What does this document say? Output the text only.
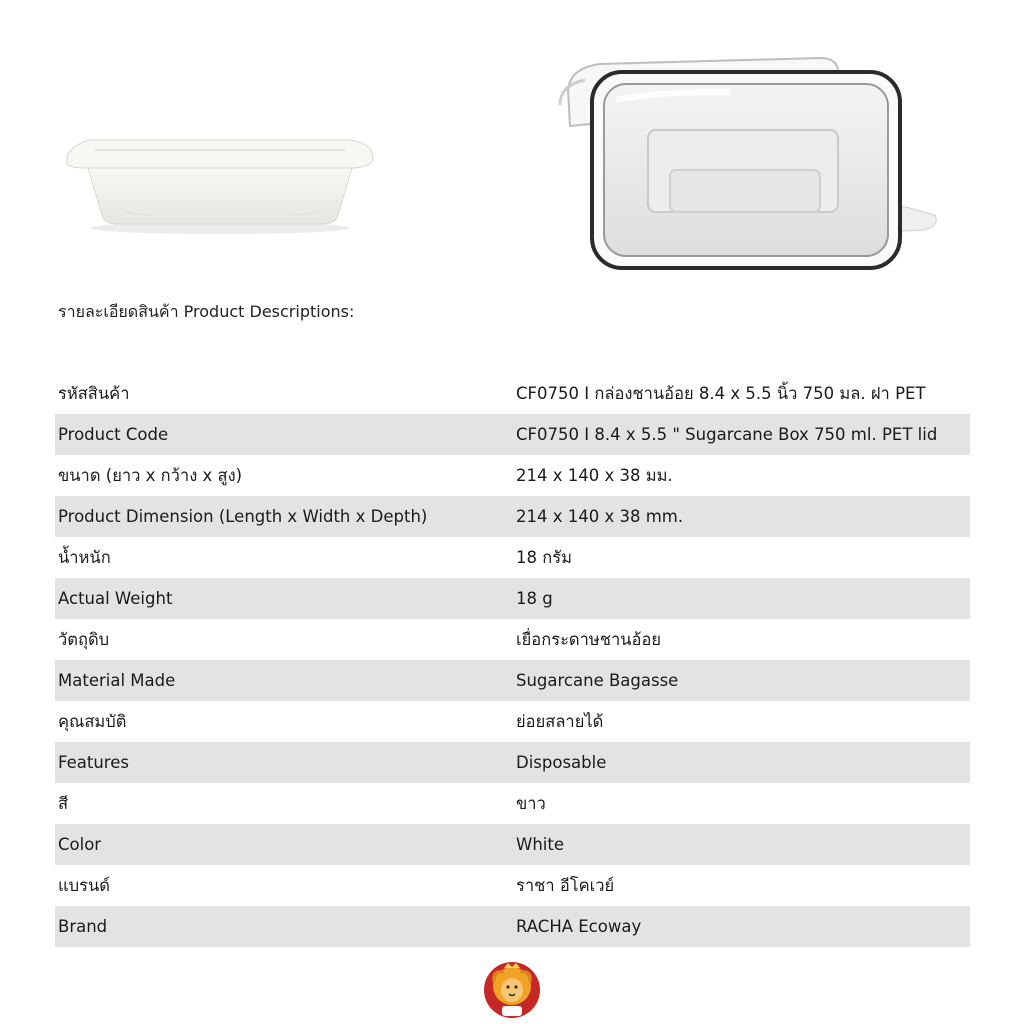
รายละเอียดสินค้า Product Descriptions:
รหัสสินค้า	CF0750 I กล่องชานอ้อย 8.4 x 5.5 นิ้ว 750 มล. ฝา PET
Product Code	CF0750 I 8.4 x 5.5 " Sugarcane Box 750 ml. PET lid
ขนาด (ยาว x กว้าง x สูง)	214 x 140 x 38 มม.
Product Dimension (Length x Width x Depth)	214 x 140 x 38 mm.
น้ำหนัก	18 กรัม
Actual Weight	18 g
วัตถุดิบ	เยื่อกระดาษชานอ้อย
Material Made	Sugarcane Bagasse
คุณสมบัติ	ย่อยสลายได้
Features	Disposable
สี	ขาว
Color	White
แบรนด์	ราชา อีโคเวย์
Brand	RACHA Ecoway
